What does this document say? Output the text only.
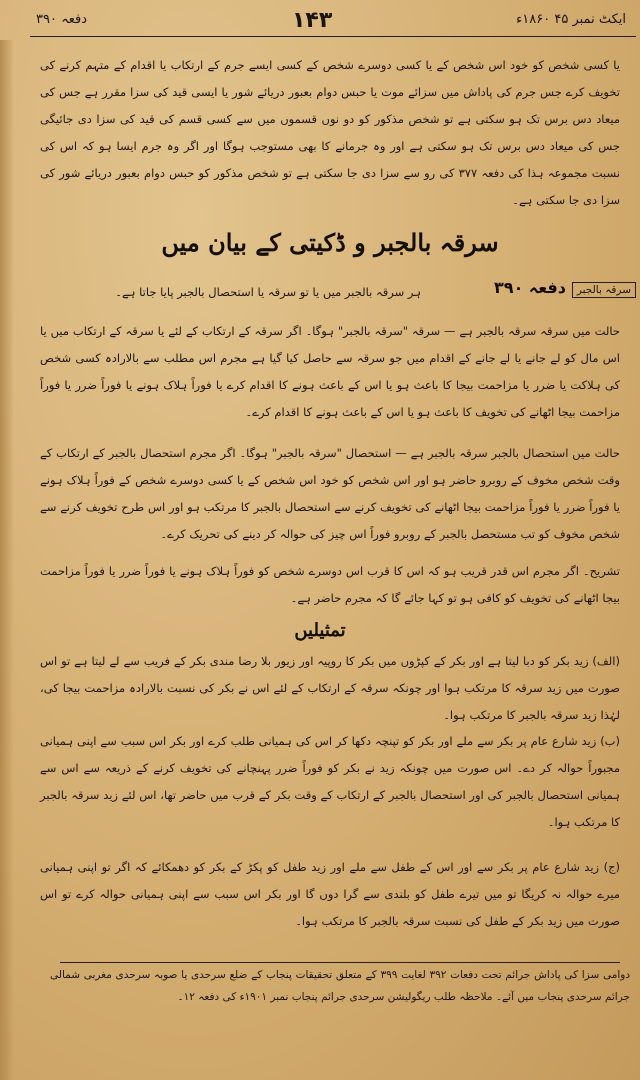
دفعہ ۳۹۰	۱۴۳	ایکٹ نمبر ۴۵ ۱۸۶۰ء
یا کسی شخص کو خود اس شخص کے یا کسی دوسرے شخص کے کسی ایسے جرم کے ارتکاب یا اقدام کے متہم کرنے کی تخویف کرے جس جرم کی پاداش میں سزائے موت یا حبس دوام بعبور دریائے شور یا ایسی قید کی سزا مقرر ہے جس کی میعاد دس برس تک ہو سکتی ہے تو شخص مذکور کو دو نوں قسموں میں سے کسی قسم کی قید کی سزا دی جائیگی جس کی میعاد دس برس تک ہو سکتی ہے اور وہ جرمانے کا بھی مستوجب ہوگا اور اگر وہ جرم ایسا ہو کہ اس کی نسبت مجموعہ ہذا کی دفعہ ۳۷۷ کی رو سے سزا دی جا سکتی ہے تو شخص مذکور کو حبس دوام بعبور دریائے شور کی سزا دی جا سکتی ہے۔
سرقہ بالجبر و ڈکیتی کے بیان میں
سرقہ بالجبر
دفعہ ۳۹۰
ہر سرقہ بالجبر میں یا تو سرقہ یا استحصال بالجبر پایا جاتا ہے۔
حالت میں سرقہ سرقہ بالجبر ہے — سرقہ "سرقہ بالجبر" ہوگا۔ اگر سرقہ کے ارتکاب کے لئے یا سرقہ کے ارتکاب میں یا اس مال کو لے جانے یا لے جانے کے اقدام میں جو سرقہ سے حاصل کیا گیا ہے مجرم اس مطلب سے بالارادہ کسی شخص کی ہلاکت یا ضرر یا مزاحمت بیجا کا باعث ہو یا اس کے باعث ہونے کا اقدام کرے یا فوراً ہلاک ہونے یا فوراً ضرر یا فوراً مزاحمت بیجا اٹھانے کی تخویف کا باعث ہو یا اس کے باعث ہونے کا اقدام کرے۔
حالت میں استحصال بالجبر سرقہ بالجبر ہے — استحصال "سرقہ بالجبر" ہوگا۔ اگر مجرم استحصال بالجبر کے ارتکاب کے وقت شخص مخوف کے روبرو حاضر ہو اور اس شخص کو خود اس شخص کے یا کسی دوسرے شخص کے فوراً ہلاک ہونے یا فوراً ضرر یا فوراً مزاحمت بیجا اٹھانے کی تخویف کرنے سے استحصال بالجبر کا مرتکب ہو اور اس طرح تخویف کرنے سے شخص مخوف کو تب مستحصل بالجبر کے روبرو فوراً اس چیز کی حوالہ کر دینے کی تحریک کرے۔
تشریح۔ اگر مجرم اس قدر قریب ہو کہ اس کا قرب اس دوسرے شخص کو فوراً ہلاک ہونے یا فوراً ضرر یا فوراً مزاحمت بیجا اٹھانے کی تخویف کو کافی ہو تو کہا جائے گا کہ مجرم حاضر ہے۔
تمثیلیں
(الف) زید بکر کو دبا لیتا ہے اور بکر کے کپڑوں میں بکر کا روپیہ اور زیور بلا رضا مندی بکر کے فریب سے لے لیتا ہے تو اس صورت میں زید سرقہ کا مرتکب ہوا اور چونکہ سرقہ کے ارتکاب کے لئے اس نے بکر کی نسبت بالارادہ مزاحمت بیجا کی، لہٰذا زید سرقہ بالجبر کا مرتکب ہوا۔
(ب) زید شارع عام پر بکر سے ملے اور بکر کو تپنچہ دکھا کر اس کی ہمیانی طلب کرے اور بکر اس سبب سے اپنی ہمیانی مجبوراً حوالہ کر دے۔ اس صورت میں چونکہ زید نے بکر کو فوراً ضرر پہنچانے کی تخویف کرنے کے ذریعہ سے اس سے ہمیانی استحصال بالجبر کی اور استحصال بالجبر کے ارتکاب کے وقت بکر کے قرب میں حاضر تھا، اس لئے زید سرقہ بالجبر کا مرتکب ہوا۔
(ج) زید شارع عام پر بکر سے اور اس کے طفل سے ملے اور زید طفل کو پکڑ کے بکر کو دھمکائے کہ اگر تو اپنی ہمیانی میرے حوالہ نہ کریگا تو میں تیرے طفل کو بلندی سے گرا دوں گا اور بکر اس سبب سے اپنی ہمیانی حوالہ کرے تو اس صورت میں زید بکر کے طفل کی نسبت سرقہ بالجبر کا مرتکب ہوا۔
دوامی سزا کی پاداش جرائم تحت دفعات ۳۹۲ لغایت ۳۹۹ کے متعلق تحقیقات پنجاب کے ضلع سرحدی یا صوبہ سرحدی مغربی شمالی جرائم سرحدی پنجاب میں آئے۔ ملاحظہ طلب ریگولیشن سرحدی جرائم پنجاب نمبر ۱۹۰۱ء کی دفعہ ۱۲۔
